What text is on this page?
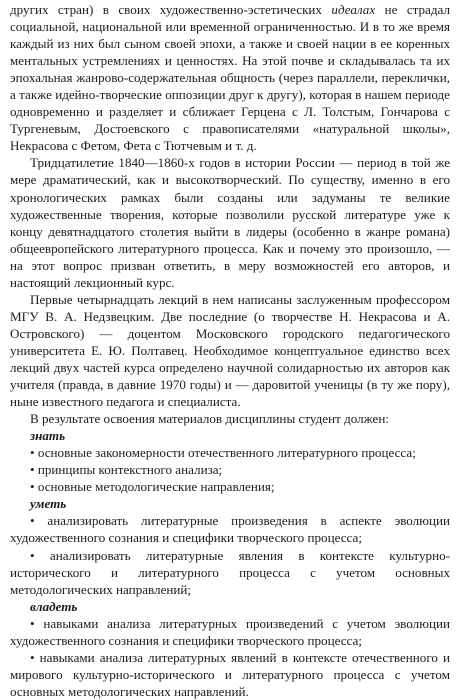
других стран) в своих художественно-эстетических идеалах не страдал социальной, национальной или временной ограниченностью. И в то же время каждый из них был сыном своей эпохи, а также и своей нации в ее коренных ментальных устремлениях и ценностях. На этой почве и складывалась та их эпохальная жанрово-содержательная общность (через параллели, переклички, а также идейно-творческие оппозиции друг к другу), которая в нашем периоде одновременно и разделяет и сближает Герцена с Л. Толстым, Гончарова с Тургеневым, Достоевского с правописателями «натуральной школы», Некрасова с Фетом, Фета с Тютчевым и т. д.

Тридцатилетие 1840—1860-х годов в истории России — период в той же мере драматический, как и высокотворческий. По существу, именно в его хронологических рамках были созданы или задуманы те великие художественные творения, которые позволили русской литературе уже к концу девятнадцатого столетия выйти в лидеры (особенно в жанре романа) общеевропейского литературного процесса. Как и почему это произошло, — на этот вопрос призван ответить, в меру возможностей его авторов, и настоящий лекционный курс.

Первые четырнадцать лекций в нем написаны заслуженным профессором МГУ В. А. Недзвецким. Две последние (о творчестве Н. Некрасова и А. Островского) — доцентом Московского городского педагогического университета Е. Ю. Полтавец. Необходимое концептуальное единство всех лекций двух частей курса определено научной солидарностью их авторов как учителя (правда, в давние 1970 годы) и — даровитой ученицы (в ту же пору), ныне известного педагога и специалиста.

В результате освоения материалов дисциплины студент должен:

знать

• основные закономерности отечественного литературного процесса;

• принципы контекстного анализа;

• основные методологические направления;

уметь

• анализировать литературные произведения в аспекте эволюции художественного сознания и специфики творческого процесса;

• анализировать литературные явления в контексте культурно-исторического и литературного процесса с учетом основных методологических направлений;

владеть

• навыками анализа литературных произведений с учетом эволюции художественного сознания и специфики творческого процесса;

• навыками анализа литературных явлений в контексте отечественного и мирового культурно-исторического и литературного процесса с учетом основных методологических направлений.
